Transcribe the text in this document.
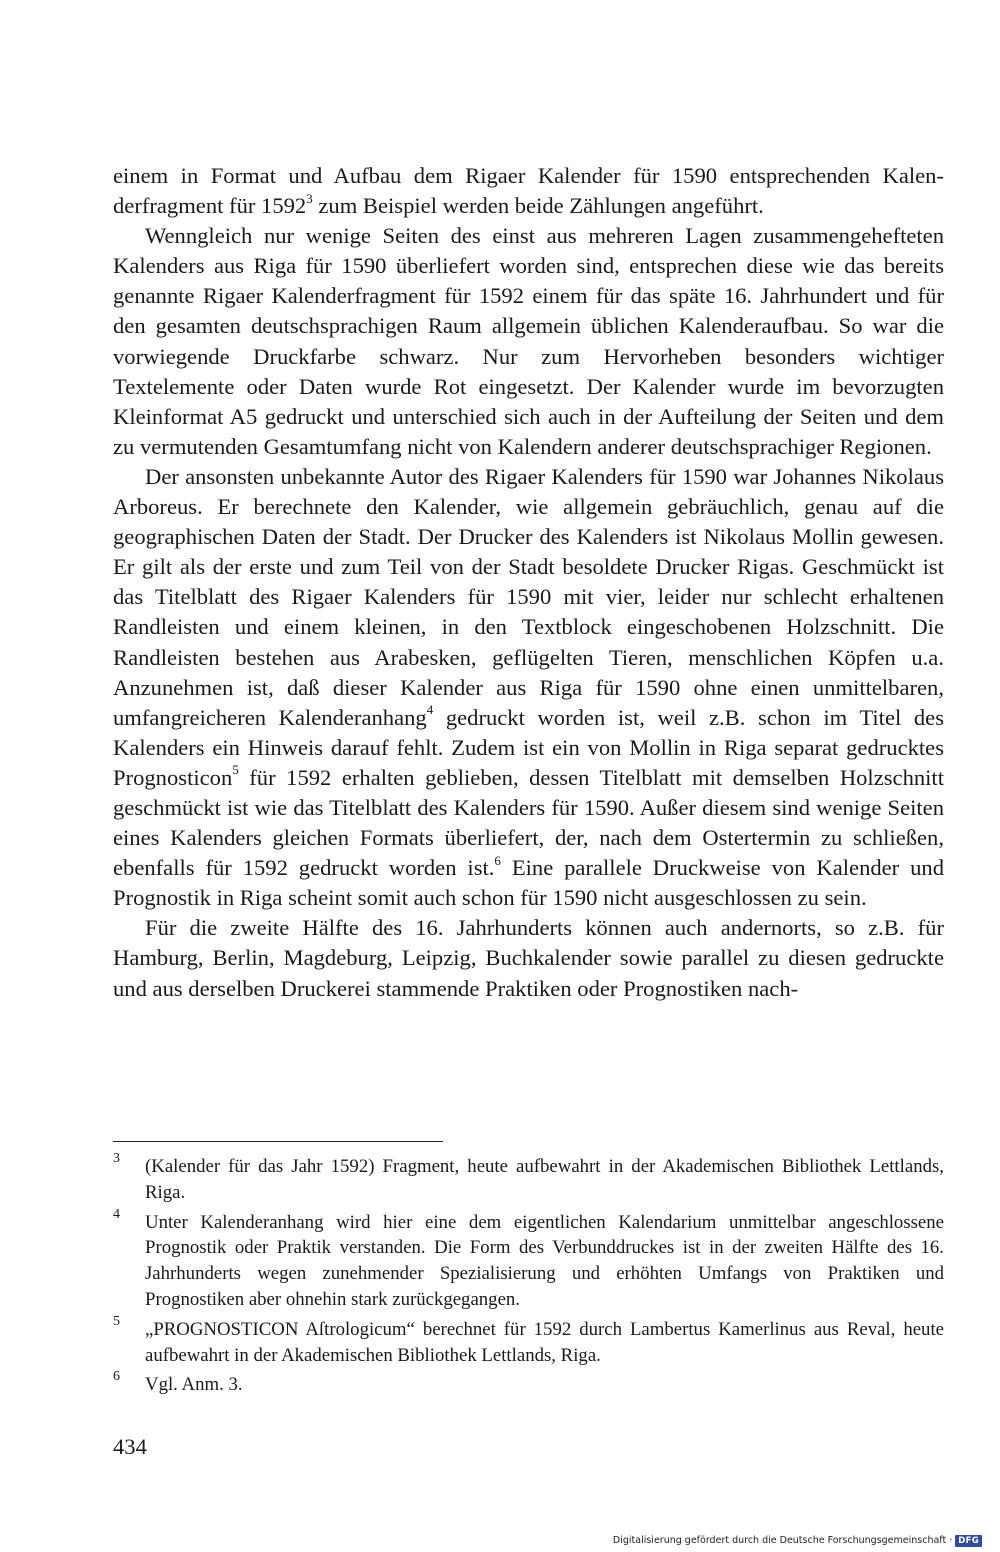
einem in Format und Aufbau dem Rigaer Kalender für 1590 entsprechenden Kalenderfragment für 1592$^3$ zum Beispiel werden beide Zählungen angeführt.

Wenngleich nur wenige Seiten des einst aus mehreren Lagen zusammengehefteten Kalenders aus Riga für 1590 überliefert worden sind, entsprechen diese wie das bereits genannte Rigaer Kalenderfragment für 1592 einem für das späte 16. Jahrhundert und für den gesamten deutschsprachigen Raum allgemein üblichen Kalenderaufbau. So war die vorwiegende Druckfarbe schwarz. Nur zum Hervorheben besonders wichtiger Textelemente oder Daten wurde Rot eingesetzt. Der Kalender wurde im bevorzugten Kleinformat A5 gedruckt und unterschied sich auch in der Aufteilung der Seiten und dem zu vermutenden Gesamtumfang nicht von Kalendern anderer deutschsprachiger Regionen.

Der ansonsten unbekannte Autor des Rigaer Kalenders für 1590 war Johannes Nikolaus Arboreus. Er berechnete den Kalender, wie allgemein gebräuchlich, genau auf die geographischen Daten der Stadt. Der Drucker des Kalenders ist Nikolaus Mollin gewesen. Er gilt als der erste und zum Teil von der Stadt besoldete Drucker Rigas. Geschmückt ist das Titelblatt des Rigaer Kalenders für 1590 mit vier, leider nur schlecht erhaltenen Randleisten und einem kleinen, in den Textblock eingeschobenen Holzschnitt. Die Randleisten bestehen aus Arabesken, geflügelten Tieren, menschlichen Köpfen u.a. Anzunehmen ist, daß dieser Kalender aus Riga für 1590 ohne einen unmittelbaren, umfangreicheren Kalenderanhang$^4$ gedruckt worden ist, weil z.B. schon im Titel des Kalenders ein Hinweis darauf fehlt. Zudem ist ein von Mollin in Riga separat gedrucktes Prognosticon$^5$ für 1592 erhalten geblieben, dessen Titelblatt mit demselben Holzschnitt geschmückt ist wie das Titelblatt des Kalenders für 1590. Außer diesem sind wenige Seiten eines Kalenders gleichen Formats überliefert, der, nach dem Ostertermin zu schließen, ebenfalls für 1592 gedruckt worden ist.$^6$ Eine parallele Druckweise von Kalender und Prognostik in Riga scheint somit auch schon für 1590 nicht ausgeschlossen zu sein.

Für die zweite Hälfte des 16. Jahrhunderts können auch andernorts, so z.B. für Hamburg, Berlin, Magdeburg, Leipzig, Buchkalender sowie parallel zu diesen gedruckte und aus derselben Druckerei stammende Praktiken oder Prognostiken nach-

3 (Kalender für das Jahr 1592) Fragment, heute aufbewahrt in der Akademischen Bibliothek Lettlands, Riga.
4 Unter Kalenderanhang wird hier eine dem eigentlichen Kalendarium unmittelbar angeschlossene Prognostik oder Praktik verstanden. Die Form des Verbunddruckes ist in der zweiten Hälfte des 16. Jahrhunderts wegen zunehmender Spezialisierung und erhöhten Umfangs von Praktiken und Prognostiken aber ohnehin stark zurückgegangen.
5 „PROGNOSTICON Aſtrologicum“ berechnet für 1592 durch Lambertus Kamerlinus aus Reval, heute aufbewahrt in der Akademischen Bibliothek Lettlands, Riga.
6 Vgl. Anm. 3.
434
Digitalisierung gefördert durch die Deutsche Forschungsgemeinschaft · DFG
